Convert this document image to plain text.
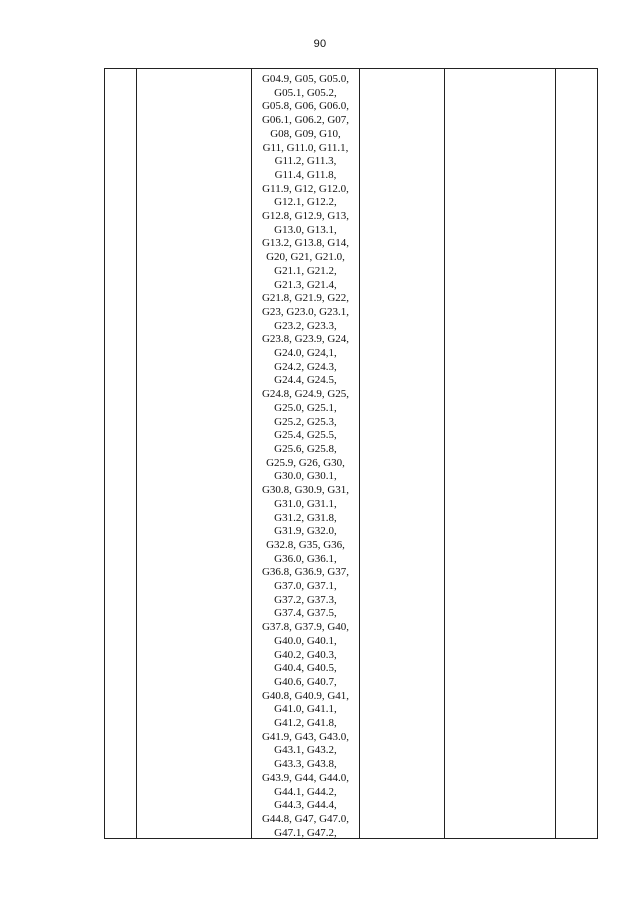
90
G04.9, G05, G05.0,
G05.1, G05.2,
G05.8, G06, G06.0,
G06.1, G06.2, G07,
G08, G09, G10,
G11, G11.0, G11.1,
G11.2, G11.3,
G11.4, G11.8,
G11.9, G12, G12.0,
G12.1, G12.2,
G12.8, G12.9, G13,
G13.0, G13.1,
G13.2, G13.8, G14,
G20, G21, G21.0,
G21.1, G21.2,
G21.3, G21.4,
G21.8, G21.9, G22,
G23, G23.0, G23.1,
G23.2, G23.3,
G23.8, G23.9, G24,
G24.0, G24,1,
G24.2, G24.3,
G24.4, G24.5,
G24.8, G24.9, G25,
G25.0, G25.1,
G25.2, G25.3,
G25.4, G25.5,
G25.6, G25.8,
G25.9, G26, G30,
G30.0, G30.1,
G30.8, G30.9, G31,
G31.0, G31.1,
G31.2, G31.8,
G31.9, G32.0,
G32.8, G35, G36,
G36.0, G36.1,
G36.8, G36.9, G37,
G37.0, G37.1,
G37.2, G37.3,
G37.4, G37.5,
G37.8, G37.9, G40,
G40.0, G40.1,
G40.2, G40.3,
G40.4, G40.5,
G40.6, G40.7,
G40.8, G40.9, G41,
G41.0, G41.1,
G41.2, G41.8,
G41.9, G43, G43.0,
G43.1, G43.2,
G43.3, G43.8,
G43.9, G44, G44.0,
G44.1, G44.2,
G44.3, G44.4,
G44.8, G47, G47.0,
G47.1, G47.2,
